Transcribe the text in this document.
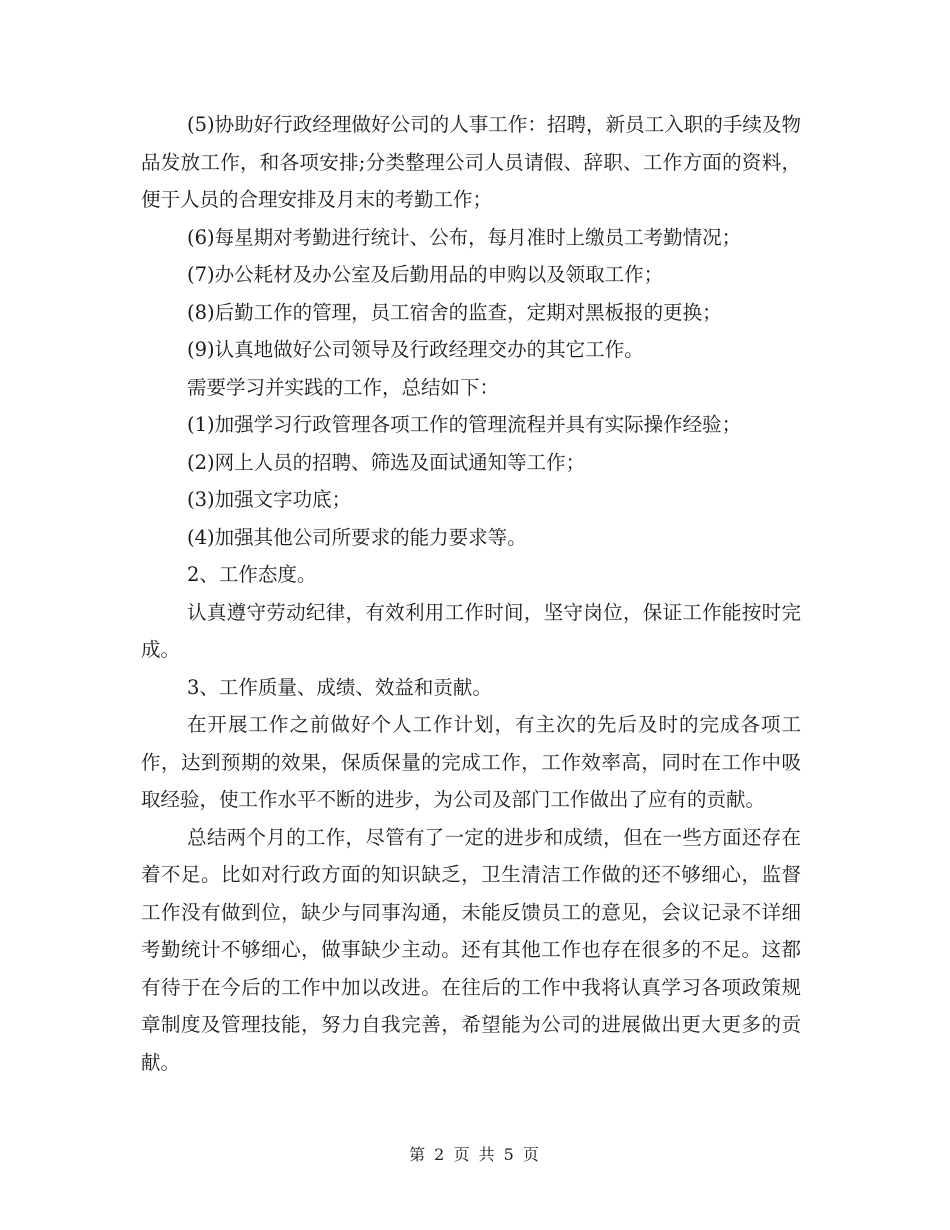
(5)协助好行政经理做好公司的人事工作：招聘，新员工入职的手续及物品发放工作，和各项安排;分类整理公司人员请假、辞职、工作方面的资料，便于人员的合理安排及月末的考勤工作；

(6)每星期对考勤进行统计、公布，每月准时上缴员工考勤情况；

(7)办公耗材及办公室及后勤用品的申购以及领取工作；

(8)后勤工作的管理，员工宿舍的监查，定期对黑板报的更换；

(9)认真地做好公司领导及行政经理交办的其它工作。

需要学习并实践的工作，总结如下：

(1)加强学习行政管理各项工作的管理流程并具有实际操作经验；

(2)网上人员的招聘、筛选及面试通知等工作；

(3)加强文字功底；

(4)加强其他公司所要求的能力要求等。

2、工作态度。

认真遵守劳动纪律，有效利用工作时间，坚守岗位，保证工作能按时完成。

3、工作质量、成绩、效益和贡献。

在开展工作之前做好个人工作计划，有主次的先后及时的完成各项工作，达到预期的效果，保质保量的完成工作，工作效率高，同时在工作中吸取经验，使工作水平不断的进步，为公司及部门工作做出了应有的贡献。

总结两个月的工作，尽管有了一定的进步和成绩，但在一些方面还存在着不足。比如对行政方面的知识缺乏，卫生清洁工作做的还不够细心，监督工作没有做到位，缺少与同事沟通，未能反馈员工的意见，会议记录不详细考勤统计不够细心，做事缺少主动。还有其他工作也存在很多的不足。这都有待于在今后的工作中加以改进。在往后的工作中我将认真学习各项政策规章制度及管理技能，努力自我完善，希望能为公司的进展做出更大更多的贡献。

第 2 页 共 5 页
